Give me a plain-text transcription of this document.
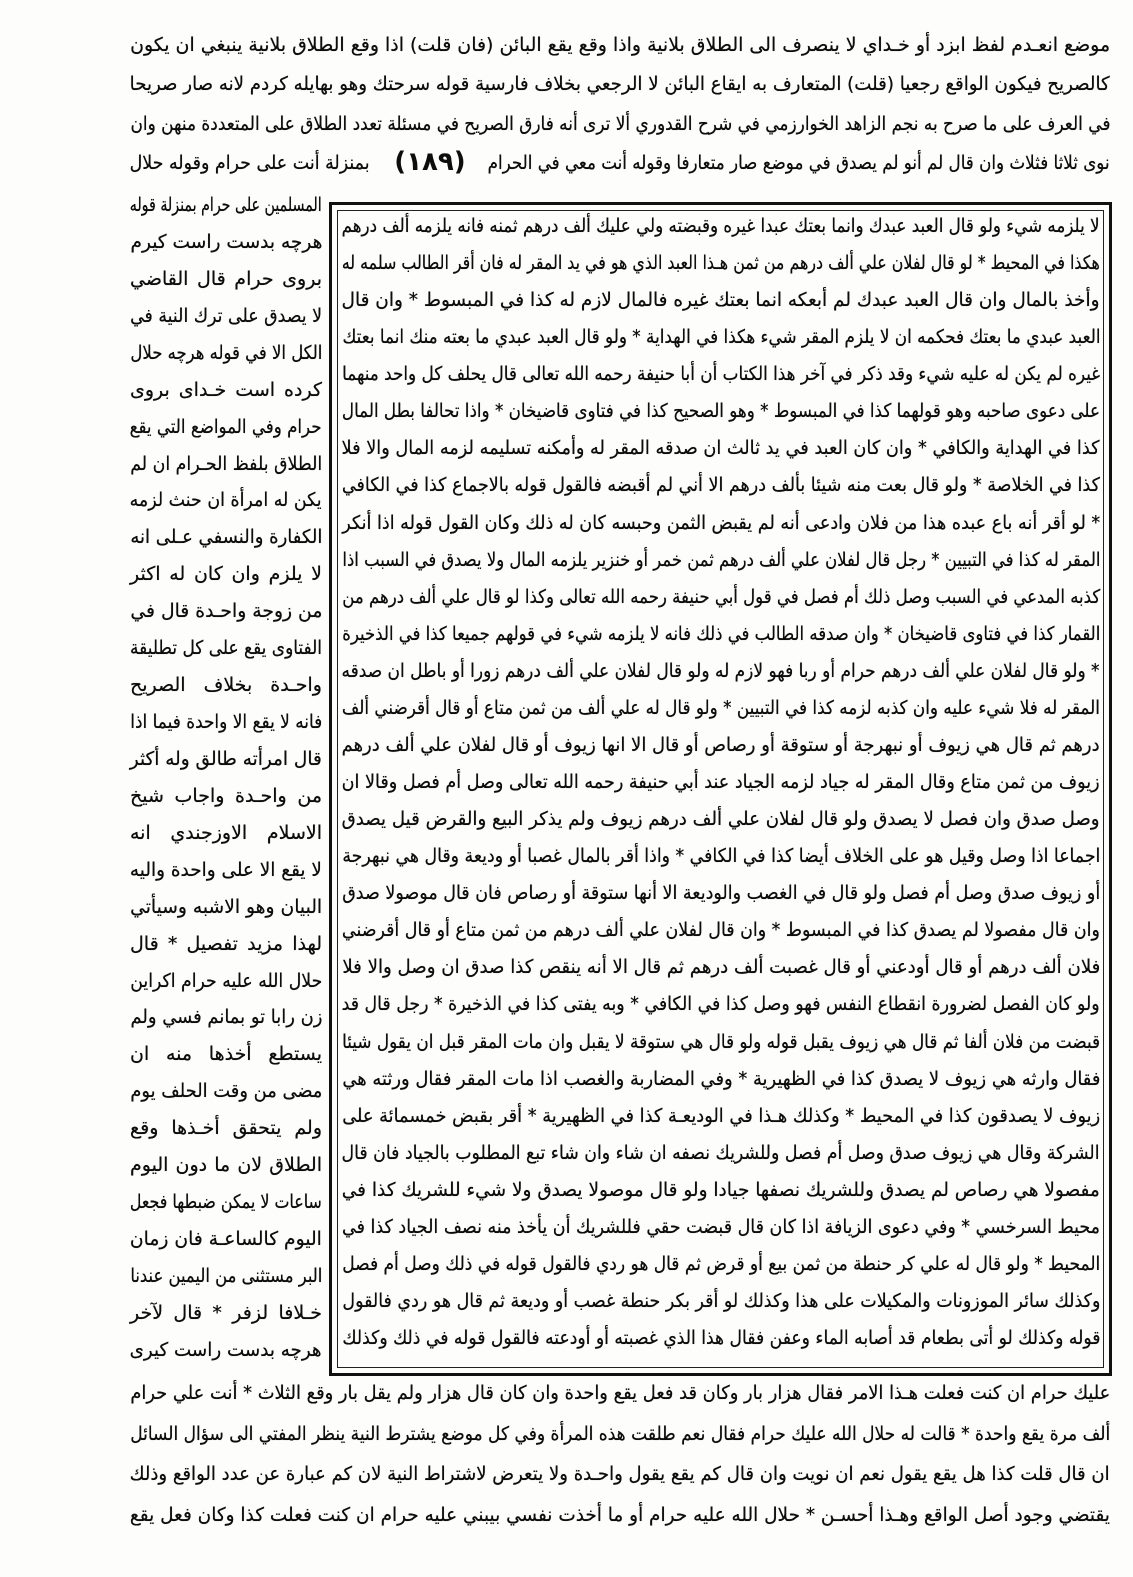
نوى ثلاثا فثلاث وان قال لم أنو لم يصدق في موضع صار متعارفا وقوله أنت معي في الحرام
(١٨٩)
بمنزلة أنت على حرام وقوله حلال
موضع انعـدم لفظ ابزد أو خـداي لا ينصرف الى الطلاق بلانية واذا وقع يقع البائن (فان قلت) اذا وقع الطلاق بلانية ينبغي ان يكون
كالصريح فيكون الواقع رجعيا (قلت) المتعارف به ايقاع البائن لا الرجعي بخلاف فارسية قوله سرحتك وهو بهايله كردم لانه صار صريحا
في العرف على ما صرح به نجم الزاهد الخوارزمي في شرح القدوري ألا ترى أنه فارق الصريح في مسئلة تعدد الطلاق على المتعددة منهن وان
المسلمين على حرام بمنزلة قوله
هرچه بدست راست كيرم
بروى حرام قال القاضي
لا يصدق على ترك النية في
الكل الا في قوله هرچه حلال
كرده است خـداى بروى
حرام وفي المواضع التي يقع
الطلاق بلفظ الحـرام ان لم
يكن له امرأة ان حنث لزمه
الكفارة والنسفي عـلى انه
لا يلزم وان كان له اكثر
من زوجة واحـدة قال في
الفتاوى يقع على كل تطليقة
واحـدة بخلاف الصريح
فانه لا يقع الا واحدة فيما اذا
قال امرأته طالق وله أكثر
من واحـدة واجاب شيخ
الاسلام الاوزجندي انه
لا يقع الا على واحدة واليه
البيان وهو الاشبه وسيأتي
لهذا مزيد تفصيل * قال
حلال الله عليه حرام اكراين
زن رابا تو بمانم فسي ولم
يستطع أخذها منه ان
مضى من وقت الحلف يوم
ولم يتحقق أخـذها وقع
الطلاق لان ما دون اليوم
ساعات لا يمكن ضبطها فجعل
اليوم كالساعـة فان زمان
البر مستثنى من اليمين عندنا
خـلافا لزفر * قال لآخر
هرچه بدست راست كيرى
لا يلزمه شيء ولو قال العبد عبدك وانما بعتك عبدا غيره وقبضته ولي عليك ألف درهم ثمنه فانه يلزمه ألف درهم
هكذا في المحيط * لو قال لفلان علي ألف درهم من ثمن هـذا العبد الذي هو في يد المقر له فان أقر الطالب سلمه له
وأخذ بالمال وان قال العبد عبدك لم أبعكه انما بعتك غيره فالمال لازم له كذا في المبسوط * وان قال
العبد عبدي ما بعتك فحكمه ان لا يلزم المقر شيء هكذا في الهداية * ولو قال العبد عبدي ما بعته منك انما بعتك
غيره لم يكن له عليه شيء وقد ذكر في آخر هذا الكتاب أن أبا حنيفة رحمه الله تعالى قال يحلف كل واحد منهما
على دعوى صاحبه وهو قولهما كذا في المبسوط * وهو الصحيح كذا في فتاوى قاضيخان * واذا تحالفا بطل المال
كذا في الهداية والكافي * وان كان العبد في يد ثالث ان صدقه المقر له وأمكنه تسليمه لزمه المال والا فلا
كذا في الخلاصة * ولو قال بعت منه شيئا بألف درهم الا أني لم أقبضه فالقول قوله بالاجماع كذا في الكافي
* لو أقر أنه باع عبده هذا من فلان وادعى أنه لم يقبض الثمن وحبسه كان له ذلك وكان القول قوله اذا أنكر
المقر له كذا في التبيين * رجل قال لفلان علي ألف درهم ثمن خمر أو خنزير يلزمه المال ولا يصدق في السبب اذا
كذبه المدعي في السبب وصل ذلك أم فصل في قول أبي حنيفة رحمه الله تعالى وكذا لو قال علي ألف درهم من
القمار كذا في فتاوى قاضيخان * وان صدقه الطالب في ذلك فانه لا يلزمه شيء في قولهم جميعا كذا في الذخيرة
* ولو قال لفلان علي ألف درهم حرام أو ربا فهو لازم له ولو قال لفلان علي ألف درهم زورا أو باطل ان صدقه
المقر له فلا شيء عليه وان كذبه لزمه كذا في التبيين * ولو قال له علي ألف من ثمن متاع أو قال أقرضني ألف
درهم ثم قال هي زيوف أو نبهرجة أو ستوقة أو رصاص أو قال الا انها زيوف أو قال لفلان علي ألف درهم
زيوف من ثمن متاع وقال المقر له جياد لزمه الجياد عند أبي حنيفة رحمه الله تعالى وصل أم فصل وقالا ان
وصل صدق وان فصل لا يصدق ولو قال لفلان علي ألف درهم زيوف ولم يذكر البيع والقرض قيل يصدق
اجماعا اذا وصل وقيل هو على الخلاف أيضا كذا في الكافي * واذا أقر بالمال غصبا أو وديعة وقال هي نبهرجة
أو زيوف صدق وصل أم فصل ولو قال في الغصب والوديعة الا أنها ستوقة أو رصاص فان قال موصولا صدق
وان قال مفصولا لم يصدق كذا في المبسوط * وان قال لفلان علي ألف درهم من ثمن متاع أو قال أقرضني
فلان ألف درهم أو قال أودعني أو قال غصبت ألف درهم ثم قال الا أنه ينقص كذا صدق ان وصل والا فلا
ولو كان الفصل لضرورة انقطاع النفس فهو وصل كذا في الكافي * وبه يفتى كذا في الذخيرة * رجل قال قد
قبضت من فلان ألفا ثم قال هي زيوف يقبل قوله ولو قال هي ستوقة لا يقبل وان مات المقر قبل ان يقول شيئا
فقال وارثه هي زيوف لا يصدق كذا في الظهيرية * وفي المضاربة والغصب اذا مات المقر فقال ورثته هي
زيوف لا يصدقون كذا في المحيط * وكذلك هـذا في الوديعـة كذا في الظهيرية * أقر بقبض خمسمائة على
الشركة وقال هي زيوف صدق وصل أم فصل وللشريك نصفه ان شاء وان شاء تبع المطلوب بالجياد فان قال
مفصولا هي رصاص لم يصدق وللشريك نصفها جيادا ولو قال موصولا يصدق ولا شيء للشريك كذا في
محيط السرخسي * وفي دعوى الزيافة اذا كان قال قبضت حقي فللشريك أن يأخذ منه نصف الجياد كذا في
المحيط * ولو قال له علي كر حنطة من ثمن بيع أو قرض ثم قال هو ردي فالقول قوله في ذلك وصل أم فصل
وكذلك سائر الموزونات والمكيلات على هذا وكذلك لو أقر بكر حنطة غصب أو وديعة ثم قال هو ردي فالقول
قوله وكذلك لو أتى بطعام قد أصابه الماء وعفن فقال هذا الذي غصبته أو أودعته فالقول قوله في ذلك وكذلك
عليك حرام ان كنت فعلت هـذا الامر فقال هزار بار وكان قد فعل يقع واحدة وان كان قال هزار ولم يقل بار وقع الثلاث * أنت علي حرام
ألف مرة يقع واحدة * قالت له حلال الله عليك حرام فقال نعم طلقت هذه المرأة وفي كل موضع يشترط النية ينظر المفتي الى سؤال السائل
ان قال قلت كذا هل يقع يقول نعم ان نويت وان قال كم يقع يقول واحـدة ولا يتعرض لاشتراط النية لان كم عبارة عن عدد الواقع وذلك
يقتضي وجود أصل الواقع وهـذا أحسـن * حلال الله عليه حرام أو ما أخذت نفسي بيبني عليه حرام ان كنت فعلت كذا وكان فعل يقع
